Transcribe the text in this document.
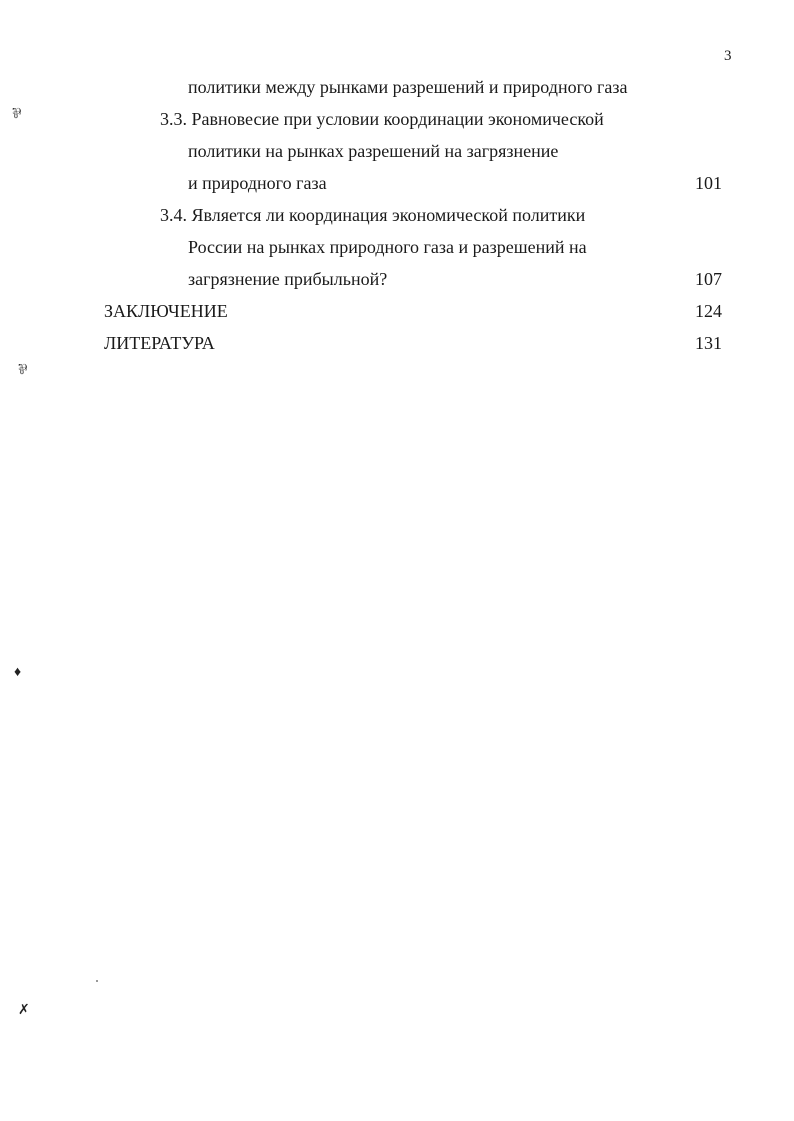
3
политики между рынками разрешений и природного газа
3.3. Равновесие при условии координации экономической
политики на рынках разрешений на загрязнение
и природного газа	101
3.4. Является ли координация экономической политики
России на рынках природного газа и разрешений на
загрязнение прибыльной?	107
ЗАКЛЮЧЕНИЕ	124
ЛИТЕРАТУРА	131
⅌
⅌
♦
✗
